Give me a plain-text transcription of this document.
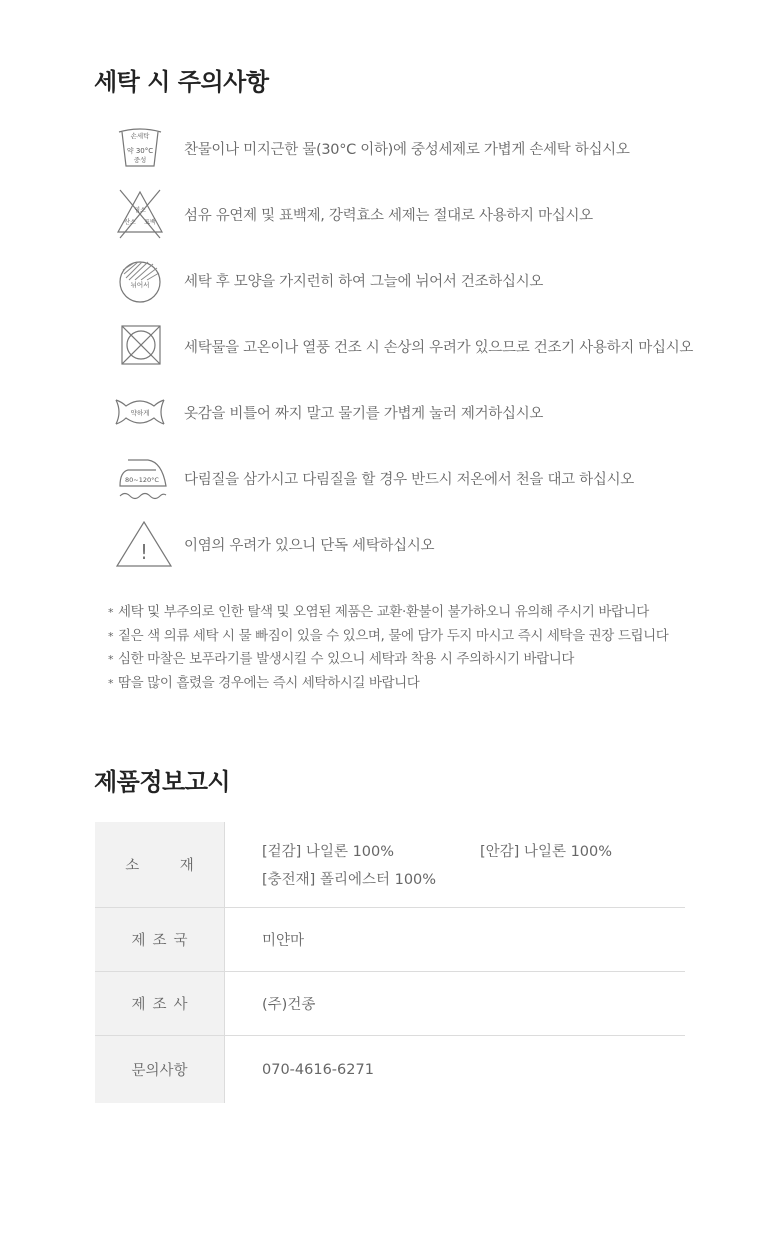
세탁 시 주의사항
손세탁
약 30°C
중성
찬물이나 미지근한 물(30°C 이하)에 중성세제로 가볍게 손세탁 하십시오
염소
산소 표백 섬유 유연제 및 표백제, 강력효소 세제는 절대로 사용하지 마십시오
뉘어서 세탁 후 모양을 가지런히 하여 그늘에 뉘어서 건조하십시오
세탁물을 고온이나 열풍 건조 시 손상의 우려가 있으므로 건조기 사용하지 마십시오
약하게 옷감을 비틀어 짜지 말고 물기를 가볍게 눌러 제거하십시오
80~120°C 다림질을 삼가시고 다림질을 할 경우 반드시 저온에서 천을 대고 하십시오
! 이염의 우려가 있으니 단독 세탁하십시오
* 세탁 및 부주의로 인한 탈색 및 오염된 제품은 교환·환불이 불가하오니 유의해 주시기 바랍니다
* 짙은 색 의류 세탁 시 물 빠짐이 있을 수 있으며, 물에 담가 두지 마시고 즉시 세탁을 권장 드립니다
* 심한 마찰은 보푸라기를 발생시킬 수 있으니 세탁과 착용 시 주의하시기 바랍니다
* 땀을 많이 흘렸을 경우에는 즉시 세탁하시길 바랍니다
제품정보고시
소 재
[겉감] 나일론 100%	[안감] 나일론 100%
[충전재] 폴리에스터 100%
제조국	미얀마
제조사	(주)건종
문의사항	070-4616-6271
